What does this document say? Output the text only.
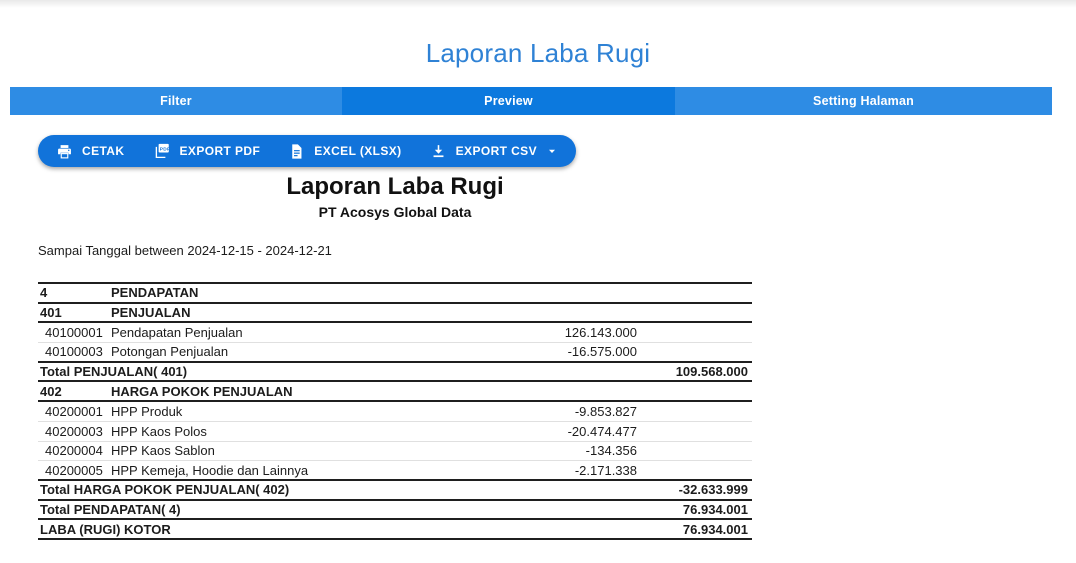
Laporan Laba Rugi
Filter	Preview	Setting Halaman
CETAK	PDF EXPORT PDF	EXCEL (XLSX)	EXPORT CSV
Laporan Laba Rugi
PT Acosys Global Data
Sampai Tanggal between 2024-12-15 - 2024-12-21
4	PENDAPATAN
401	PENJUALAN
40100001 Pendapatan Penjualan	126.143.000
40100003 Potongan Penjualan	-16.575.000
Total PENJUALAN( 401)	109.568.000
402	HARGA POKOK PENJUALAN
40200001 HPP Produk	-9.853.827
40200003 HPP Kaos Polos	-20.474.477
40200004 HPP Kaos Sablon	-134.356
40200005 HPP Kemeja, Hoodie dan Lainnya	-2.171.338
Total HARGA POKOK PENJUALAN( 402)	-32.633.999
Total PENDAPATAN( 4)	76.934.001
LABA (RUGI) KOTOR	76.934.001
